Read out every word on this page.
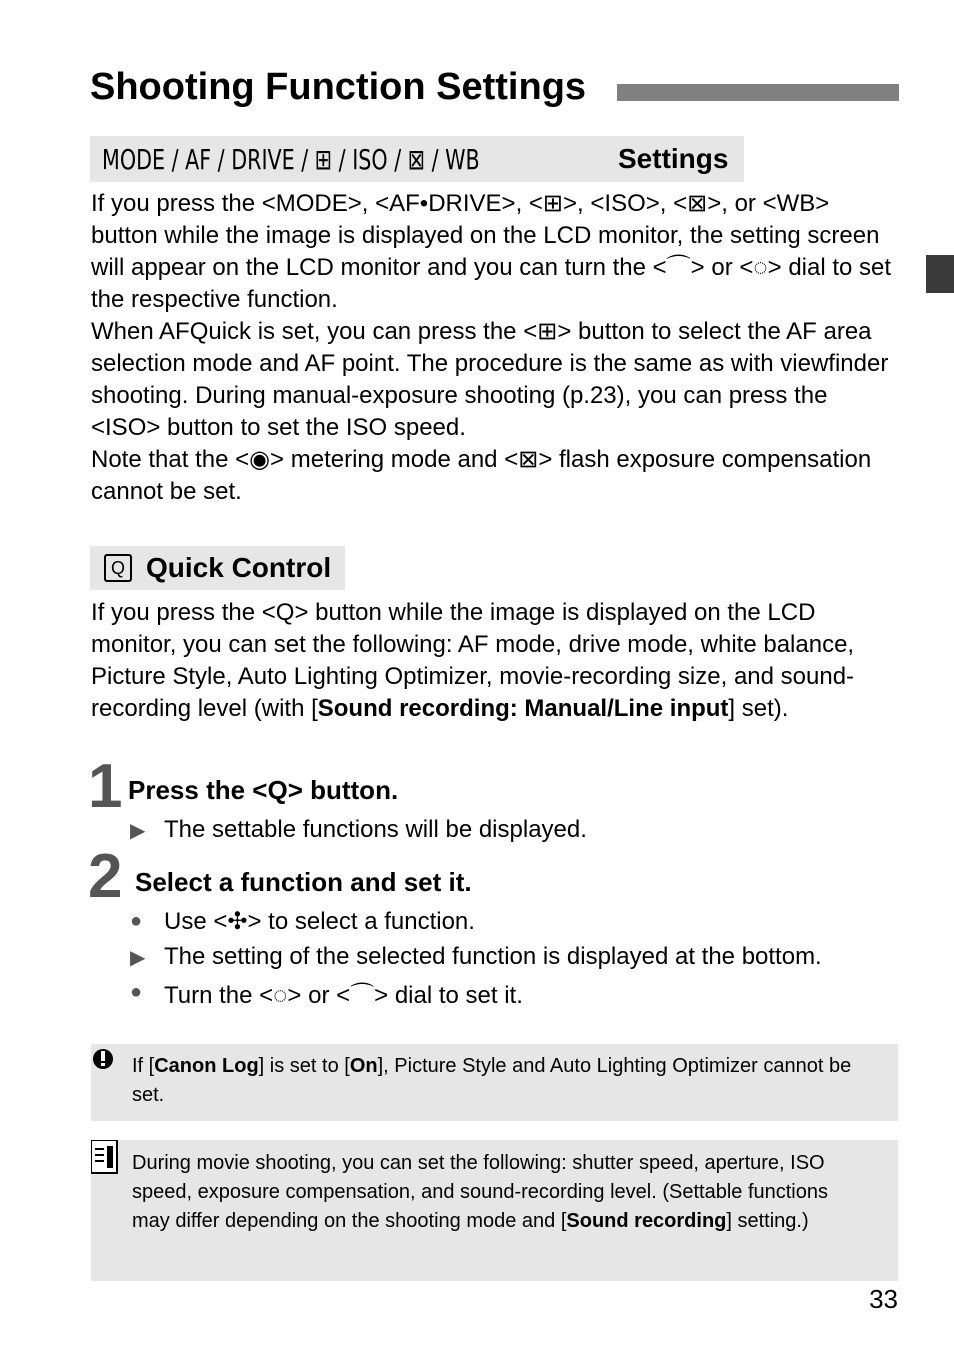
Shooting Function Settings
MODE / AF / DRIVE / ⊞ / ISO / ⊠ / WB	Settings
If you press the <MODE>, <AF•DRIVE>, <⊞>, <ISO>, <⊠>, or <WB> button while the image is displayed on the LCD monitor, the setting screen will appear on the LCD monitor and you can turn the <⌒> or <◌> dial to set the respective function.
When AFQuick is set, you can press the <⊞> button to select the AF area selection mode and AF point. The procedure is the same as with viewfinder shooting. During manual-exposure shooting (p.23), you can press the <ISO> button to set the ISO speed.
Note that the <◉> metering mode and <⊠> flash exposure compensation cannot be set.
Q Quick Control

If you press the <Q> button while the image is displayed on the LCD monitor, you can set the following: AF mode, drive mode, white balance, Picture Style, Auto Lighting Optimizer, movie-recording size, and sound-recording level (with [Sound recording: Manual/Line input] set).

1 Press the <Q> button.
▶ The settable functions will be displayed.
2 Select a function and set it.
● Use <✣> to select a function.
▶ The setting of the selected function is displayed at the bottom.
● Turn the <◌> or <⌒> dial to set it.
If [Canon Log] is set to [On], Picture Style and Auto Lighting Optimizer cannot be set.
During movie shooting, you can set the following: shutter speed, aperture, ISO speed, exposure compensation, and sound-recording level. (Settable functions may differ depending on the shooting mode and [Sound recording] setting.)
33
